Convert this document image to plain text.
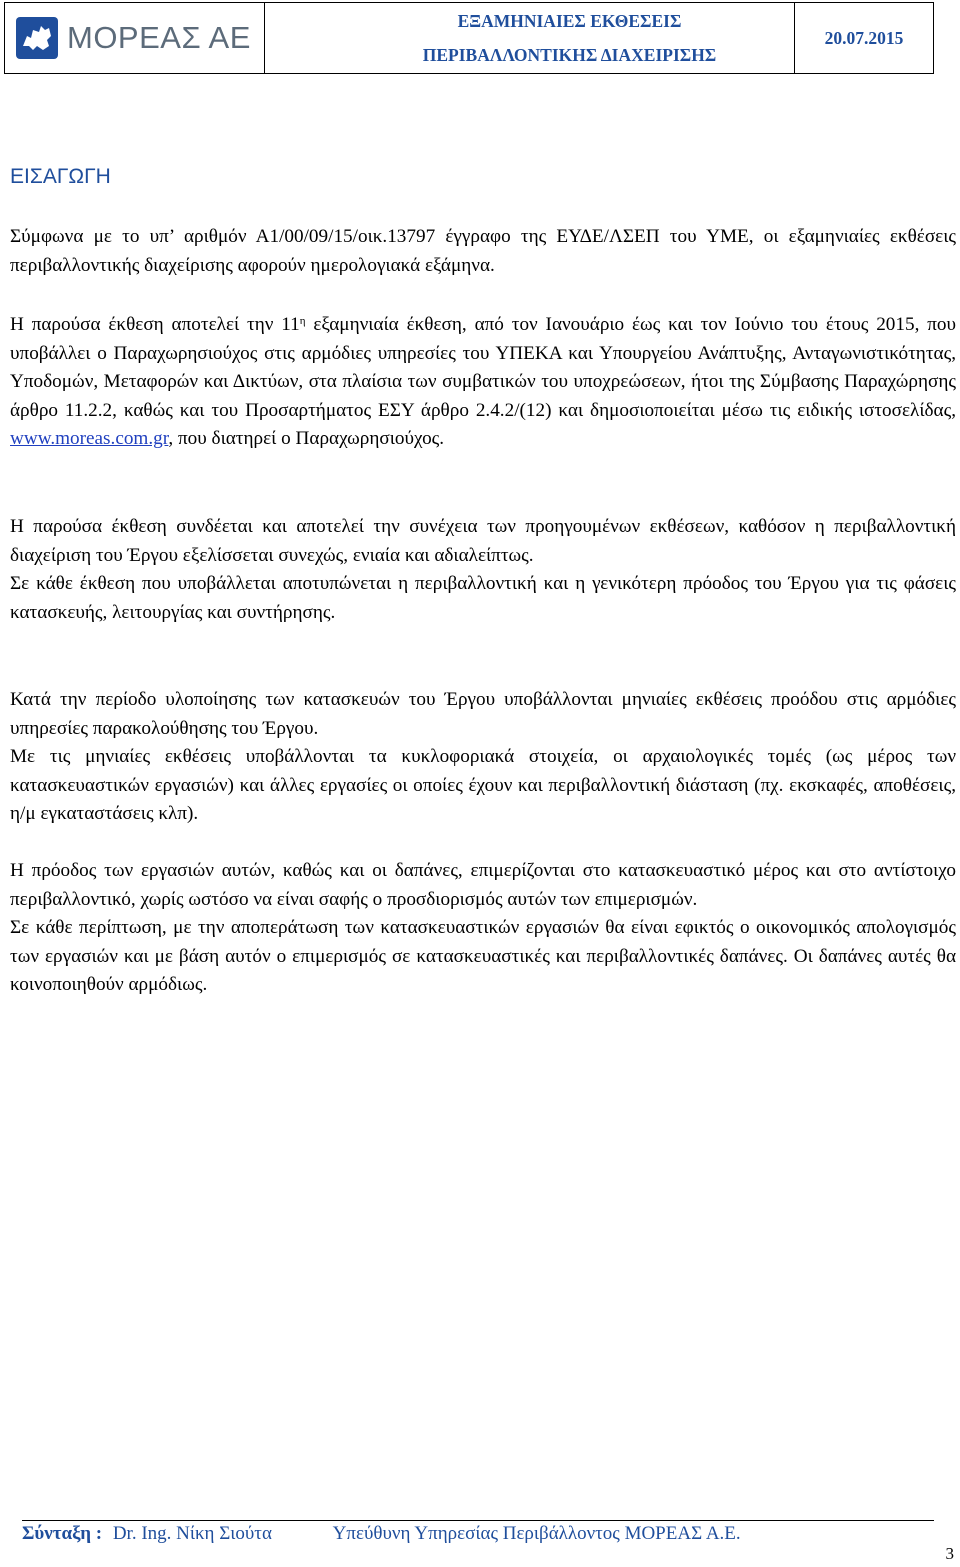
ΜΟΡΕΑΣ ΑΕ	ΕΞΑΜΗΝΙΑΙΕΣ ΕΚΘΕΣΕΙΣ
ΠΕΡΙΒΑΛΛΟΝΤΙΚΗΣ ΔΙΑΧΕΙΡΙΣΗΣ
20.07.2015
ΕΙΣΑΓΩΓΗ

Σύμφωνα με το υπ’ αριθμόν Α1/00/09/15/οικ.13797 έγγραφο της ΕΥΔΕ/ΛΣΕΠ του ΥΜΕ, οι εξαμηνιαίες εκθέσεις περιβαλλοντικής διαχείρισης αφορούν ημερολογιακά εξάμηνα.

Η παρούσα έκθεση αποτελεί την $11^\eta$ εξαμηνιαία έκθεση, από τον Ιανουάριο έως και τον Ιούνιο του έτους 2015, που υποβάλλει ο Παραχωρησιούχος στις αρμόδιες υπηρεσίες του ΥΠΕΚΑ και Υπουργείου Ανάπτυξης, Ανταγωνιστικότητας, Υποδομών, Μεταφορών και Δικτύων, στα πλαίσια των συμβατικών του υποχρεώσεων, ήτοι της Σύμβασης Παραχώρησης άρθρο 11.2.2, καθώς και του Προσαρτήματος ΕΣΥ άρθρο 2.4.2/(12) και δημοσιοποιείται μέσω τις ειδικής ιστοσελίδας, www.moreas.com.gr, που διατηρεί ο Παραχωρησιούχος.

Η παρούσα έκθεση συνδέεται και αποτελεί την συνέχεια των προηγουμένων εκθέσεων, καθόσον η περιβαλλοντική διαχείριση του Έργου εξελίσσεται συνεχώς, ενιαία και αδιαλείπτως.

Σε κάθε έκθεση που υποβάλλεται αποτυπώνεται η περιβαλλοντική και η γενικότερη πρόοδος του Έργου για τις φάσεις κατασκευής, λειτουργίας και συντήρησης.

Κατά την περίοδο υλοποίησης των κατασκευών του Έργου υποβάλλονται μηνιαίες εκθέσεις προόδου στις αρμόδιες υπηρεσίες παρακολούθησης του Έργου.

Με τις μηνιαίες εκθέσεις υποβάλλονται τα κυκλοφοριακά στοιχεία, οι αρχαιολογικές τομές (ως μέρος των κατασκευαστικών εργασιών) και άλλες εργασίες οι οποίες έχουν και περιβαλλοντική διάσταση (πχ. εκσκαφές, αποθέσεις, η/μ εγκαταστάσεις κλπ).

Η πρόοδος των εργασιών αυτών, καθώς και οι δαπάνες, επιμερίζονται στο κατασκευαστικό μέρος και στο αντίστοιχο περιβαλλοντικό, χωρίς ωστόσο να είναι σαφής ο προσδιορισμός αυτών των επιμερισμών.

Σε κάθε περίπτωση, με την αποπεράτωση των κατασκευαστικών εργασιών θα είναι εφικτός ο οικονομικός απολογισμός των εργασιών και με βάση αυτόν ο επιμερισμός σε κατασκευαστικές και περιβαλλοντικές δαπάνες. Οι δαπάνες αυτές θα κοινοποιηθούν αρμόδιως.

Σύνταξη : Dr. Ing. Νίκη Σιούτα	Υπεύθυνη Υπηρεσίας Περιβάλλοντος ΜΟΡΕΑΣ Α.Ε.
3
